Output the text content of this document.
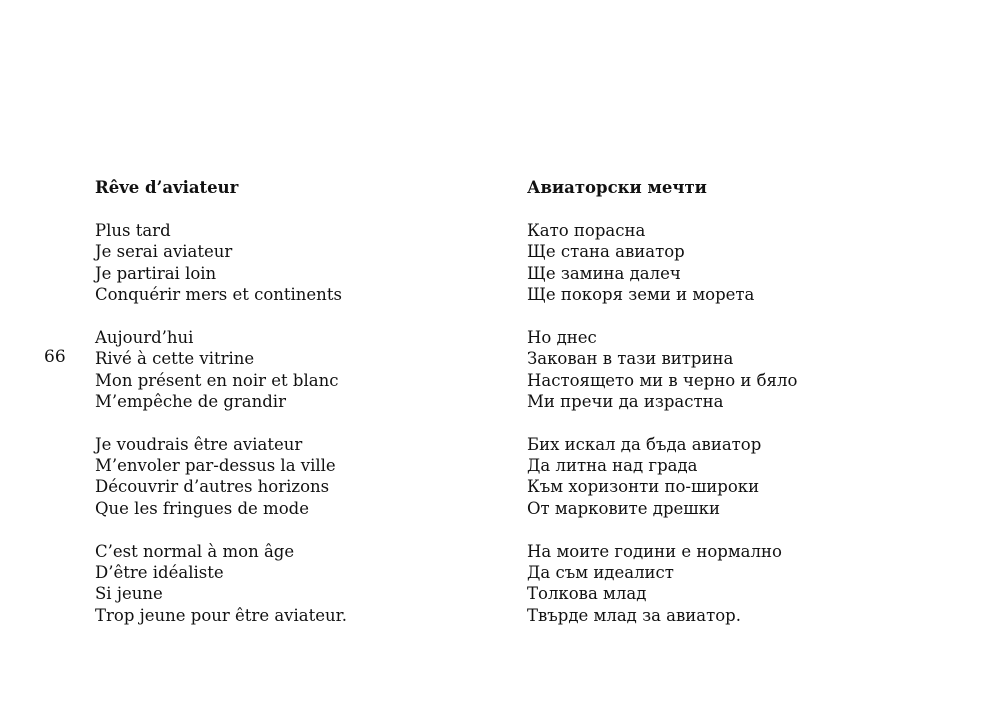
66
Rêve d’aviateur
Plus tard
Je serai aviateur
Je partirai loin
Conquérir mers et continents
Aujourd’hui
Rivé à cette vitrine
Mon présent en noir et blanc
M’empêche de grandir
Je voudrais être aviateur
M’envoler par-dessus la ville
Découvrir d’autres horizons
Que les fringues de mode
C’est normal à mon âge
D’être idéaliste
Si jeune
Trop jeune pour être aviateur.
Авиаторски мечти
Като порасна
Ще стана авиатор
Ще замина далеч
Ще покоря земи и морета
Но днес
Закован в тази витрина
Настоящето ми в черно и бяло
Ми пречи да израстна
Бих искал да бъда авиатор
Да литна над града
Към хоризонти по-широки
От марковите дрешки
На моите години е нормално
Да съм идеалист
Толкова млад
Твърде млад за авиатор.
